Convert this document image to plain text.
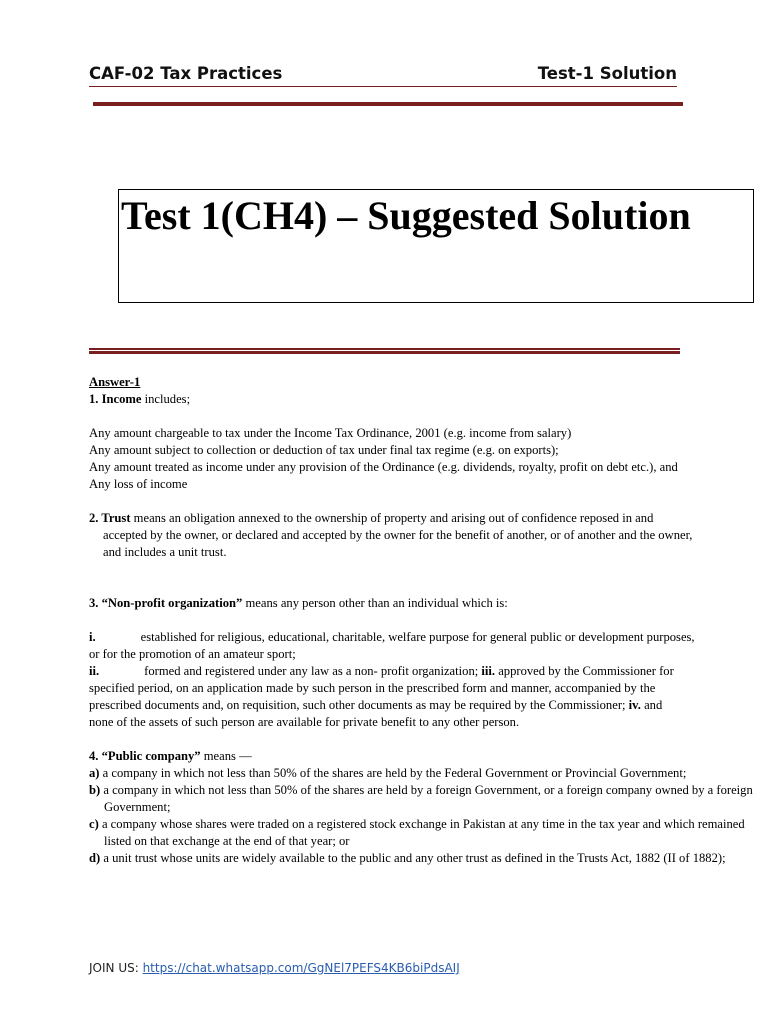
CAF-02 Tax Practices	Test-1 Solution
Test 1(CH4) – Suggested Solution

Answer-1

1. Income includes;

Any amount chargeable to tax under the Income Tax Ordinance, 2001 (e.g. income from salary)

Any amount subject to collection or deduction of tax under final tax regime (e.g. on exports);

Any amount treated as income under any provision of the Ordinance (e.g. dividends, royalty, profit on debt etc.), and

Any loss of income

2. Trust means an obligation annexed to the ownership of property and arising out of confidence reposed in and

accepted by the owner, or declared and accepted by the owner for the benefit of another, or of another and the owner,

and includes a unit trust.

3. “Non-profit organization” means any person other than an individual which is:

i.	established for religious, educational, charitable, welfare purpose for general public or development purposes,

or for the promotion of an amateur sport;

ii.	formed and registered under any law as a non- profit organization; iii. approved by the Commissioner for

specified period, on an application made by such person in the prescribed form and manner, accompanied by the

prescribed documents and, on requisition, such other documents as may be required by the Commissioner; iv. and

none of the assets of such person are available for private benefit to any other person.

4. “Public company” means —

a) a company in which not less than 50% of the shares are held by the Federal Government or Provincial Government;

b) a company in which not less than 50% of the shares are held by a foreign Government, or a foreign company owned by a foreign Government;

c) a company whose shares were traded on a registered stock exchange in Pakistan at any time in the tax year and which remained listed on that exchange at the end of that year; or

d) a unit trust whose units are widely available to the public and any other trust as defined in the Trusts Act, 1882 (II of 1882);

JOIN US: https://chat.whatsapp.com/GgNEl7PEFS4KB6biPdsAIJ
